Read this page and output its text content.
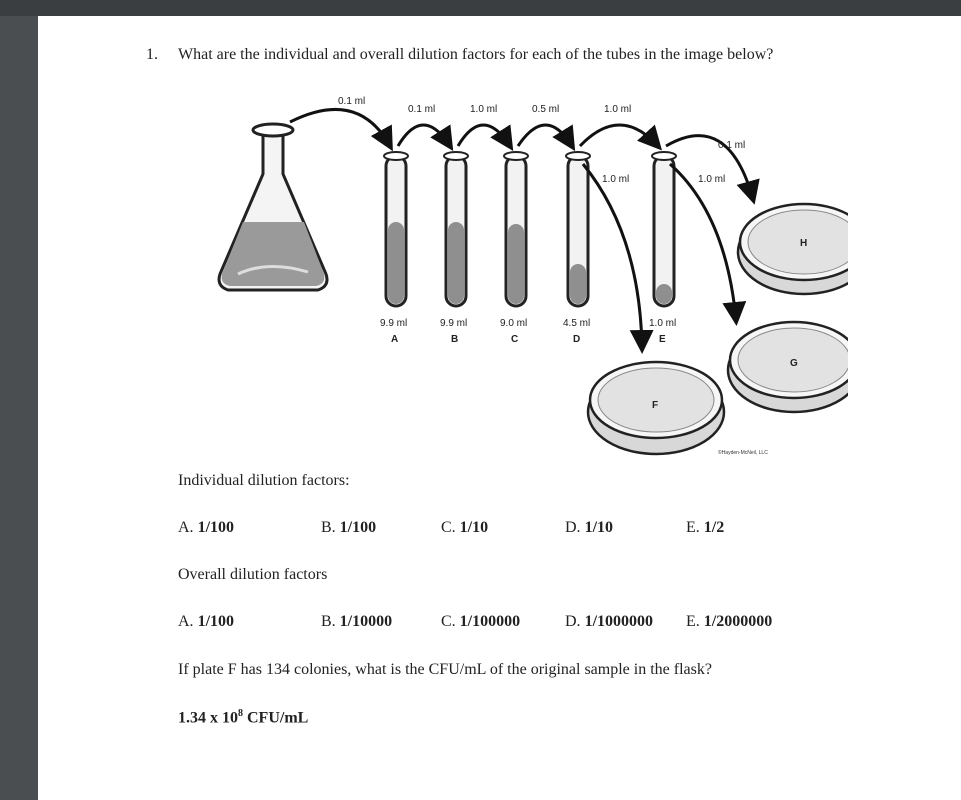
1. What are the individual and overall dilution factors for each of the tubes in the image below?
0.1 ml
0.1 ml	1.0 ml	0.5 ml	1.0 ml
0.1 ml
1.0 ml	1.0 ml
9.9 ml	9.9 ml	9.0 ml	4.5 ml	1.0 ml
A	B	C	D	E
H
G
F
©Hayden-McNeil, LLC
Individual dilution factors:
A. 1/100	B. 1/100	C. 1/10	D. 1/10	E. 1/2
Overall dilution factors
A. 1/100	B. 1/10000	C. 1/100000	D. 1/1000000 E. 1/2000000
If plate F has 134 colonies, what is the CFU/mL of the original sample in the flask?
1.34 x $10^8$ CFU/mL
